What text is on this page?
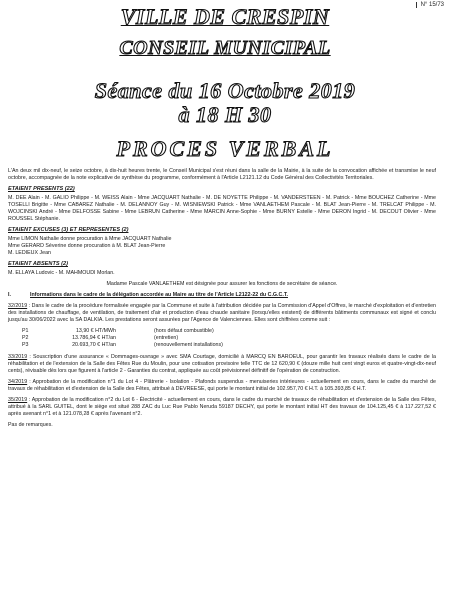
N° 15/73
VILLE DE CRESPIN
CONSEIL MUNICIPAL
Séance du 16 Octobre 2019
à 18 H 30
PROCES VERBAL

L'An deux mil dix-neuf, le seize octobre, à dix-huit heures trente, le Conseil Municipal s'est réuni dans la salle de la Mairie, à la suite de la convocation affichée et transmise le neuf octobre, accompagnée de la note explicative de synthèse du programme, conformément à l'Article L2121.12 du Code Général des Collectivités Territoriales.

ETAIENT PRESENTS (22)

M. DEE Alain - M. GALIO Philippe - M. WEISS Alain - Mme JACQUART Nathalie - M. DE NOYETTE Philippe - M. VANDERSTEEN - M. Patrick - Mme BOUCHEZ Catherine - Mme TOSELLI Brigitte - Mme CABAREZ Nathalie - M. DELANNOY Guy - M. WISNIEWSKI Patrick - Mme VANLAETHEM Pascale - M. BLAT Jean-Pierre - M. TRELCAT Philippe - M. WOJCINSKI André - Mme DELFOSSE Sabine - Mme LEBRUN Catherine - Mme MARCIN Anne-Sophie - Mme BURNY Estelle - Mme DERON Ingrid - M. DECOUT Olivier - Mme ROUSSEL Stéphanie.

ETAIENT EXCUSES (3) ET REPRESENTES (2)

Mme LIMON Nathalie donne procuration à Mme JACQUART Nathalie
Mme GERARD Séverine donne procuration à M. BLAT Jean-Pierre
M. LEDIEUX Jean

ETAIENT ABSENTS (2)

M. ELLAYA Ludovic - M. MAHMOUDI Morlan.

Madame Pascale VANLAETHEM est désignée pour assurer les fonctions de secrétaire de séance.

I.	Informations dans le cadre de la délégation accordée au Maire au titre de l'Article L2122-22 du C.G.C.T.

32/2019 : Dans le cadre de la procédure formalisée engagée par la Commune et suite à l'attribution décidée par la Commission d'Appel d'Offres, le marché d'exploitation et d'entretien des installations de chauffage, de ventilation, de traitement d'air et production d'eau chaude sanitaire (lorsqu'elles existent) de différents bâtiments communaux est signé et conclu jusqu'au 30/06/2022 avec la SA DALKIA. Les prestations seront assurées par l'Agence de Valenciennes. Elles sont chiffrées comme suit :

P1	13,90 € HT/MWh		(hors défaut combustible)
P2	13.786,94 € HT/an		(entretien)
P3	20.693,70 € HT/an		(renouvellement installations)

33/2019 : Souscription d'une assurance « Dommages-ouvrage » avec SMA Courtage, domicilié à MARCQ EN BAROEUL, pour garantir les travaux réalisés dans le cadre de la réhabilitation et de l'extension de la Salle des Fêtes Rue du Moulin, pour une cotisation provisoire telle TTC de 12 620,90 € (douze mille huit cent vingt euros et quatre-vingt-dix-neuf cents), révisable dès lors que figurent à l'article 2 - Garanties du contrat, appliquée au coût prévisionnel définitif de l'opération de construction.

34/2019 : Approbation de la modification n°1 du Lot 4 - Plâtrerie - Isolation - Plafonds suspendus - menuiseries intérieures - actuellement en cours, dans le cadre du marché de travaux de réhabilitation et d'extension de la Salle des Fêtes, attribué à DEVREESE, qui porte le montant initial de 102.957,70 € H.T. à 105.393,85 € H.T.

35/2019 : Approbation de la modification n°2 du Lot 6 - Électricité - actuellement en cours, dans le cadre du marché de travaux de réhabilitation et d'extension de la Salle des Fêtes, attribué à la SARL GUITEL, dont le siège est situé 288 ZAC du Luc Rue Pablo Neruda 59187 DECHY, qui porte le montant initial HT des travaux de 104.125,45 € à 117.227,52 € après avenant n°1 et à 121.078,28 € après l'avenant n°2.

Pas de remarques.
